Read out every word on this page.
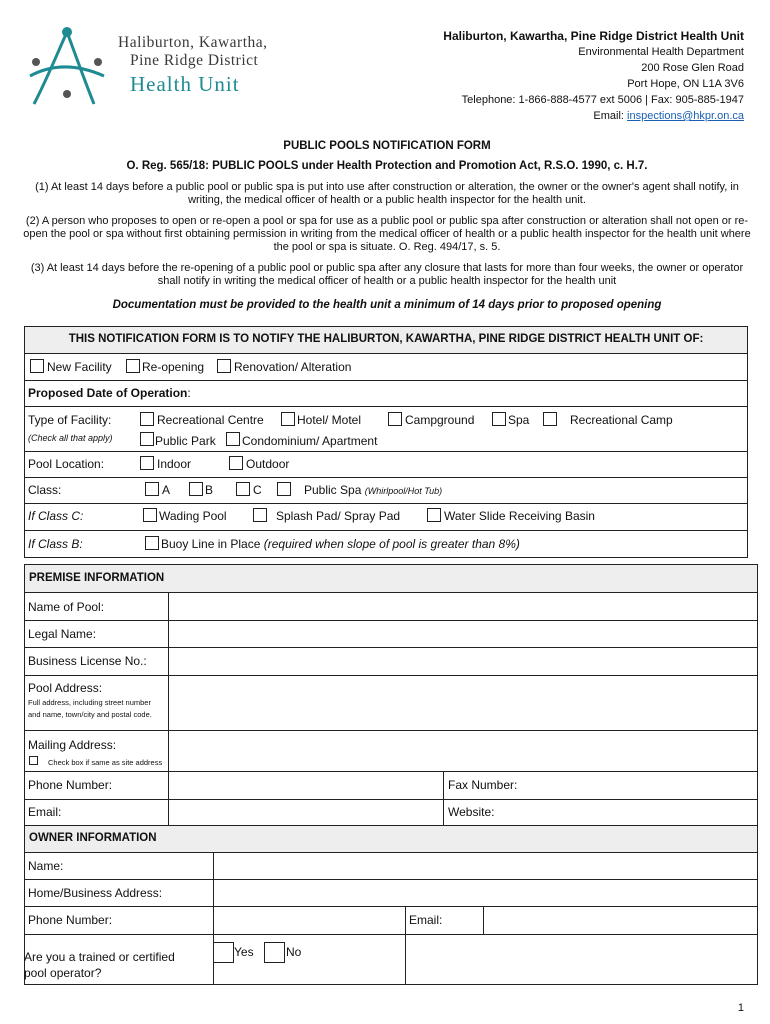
Haliburton, Kawartha,
Pine Ridge District
Health Unit
Haliburton, Kawartha, Pine Ridge District Health Unit
Environmental Health Department
200 Rose Glen Road
Port Hope, ON L1A 3V6
Telephone: 1-866-888-4577 ext 5006 | Fax: 905-885-1947
Email: inspections@hkpr.on.ca
PUBLIC POOLS NOTIFICATION FORM
O. Reg. 565/18: PUBLIC POOLS under Health Protection and Promotion Act, R.S.O. 1990, c. H.7.
(1) At least 14 days before a public pool or public spa is put into use after construction or alteration, the owner or the owner's agent shall notify, in writing, the medical officer of health or a public health inspector for the health unit.
(2) A person who proposes to open or re-open a pool or spa for use as a public pool or public spa after construction or alteration shall not open or re-open the pool or spa without first obtaining permission in writing from the medical officer of health or a public health inspector for the health unit where the pool or spa is situate. O. Reg. 494/17, s. 5.
(3) At least 14 days before the re-opening of a public pool or public spa after any closure that lasts for more than four weeks, the owner or operator shall notify in writing the medical officer of health or a public health inspector for the health unit
Documentation must be provided to the health unit a minimum of 14 days prior to proposed opening
THIS NOTIFICATION FORM IS TO NOTIFY THE HALIBURTON, KAWARTHA, PINE RIDGE DISTRICT HEALTH UNIT OF:
New Facility	Re-opening Renovation/ Alteration
Proposed Date of Operation:
Type of Facility:
(Check all that apply)
Recreational Centre	Hotel/ Motel	Campground	Spa	Recreational Camp
Public Park Condominium/ Apartment
Pool Location:	Indoor	Outdoor
Class:	A	B	C	Public Spa (Whirlpool/Hot Tub)
If Class C:	Wading Pool	Splash Pad/ Spray Pad	Water Slide Receiving Basin
If Class B:	Buoy Line in Place (required when slope of pool is greater than 8%)
PREMISE INFORMATION
Name of Pool:
Legal Name:
Business License No.:
Pool Address:
Full address, including street number
and name, town/city and postal code.
Mailing Address:
Check box if same as site address
Phone Number:	Fax Number:
Email:	Website:
OWNER INFORMATION
Name:
Home/Business Address:
Phone Number:	Email:
Are you a trained or certified
pool operator?
Yes	No
1
